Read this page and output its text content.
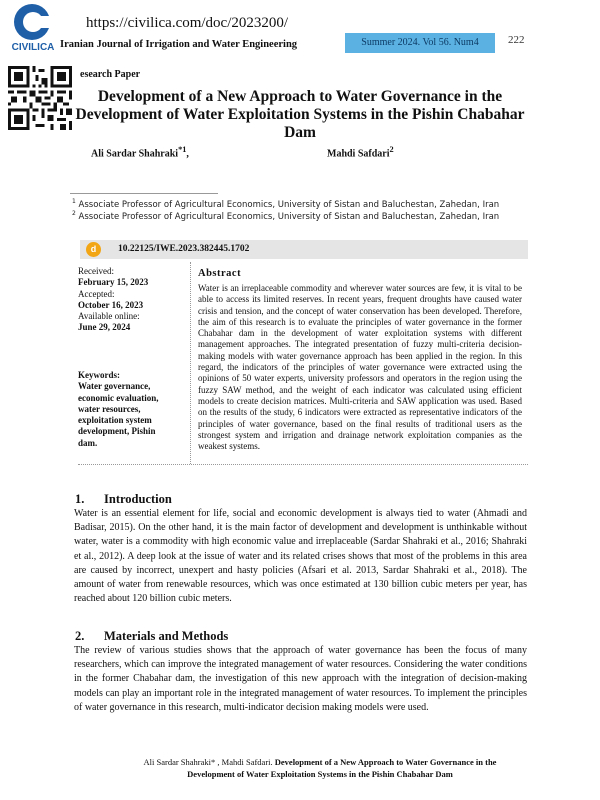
CIVILICA
https://civilica.com/doc/2023200/
Iranian Journal of Irrigation and Water Engineering	Summer 2024. Vol 56. Num4	222
esearch Paper
Development of a New Approach to Water Governance in the Development of Water Exploitation Systems in the Pishin Chabahar Dam
Ali Sardar Shahraki$^{*1}$,	Mahdi Safdari$^2$
$^1$ Associate Professor of Agricultural Economics, University of Sistan and Baluchestan, Zahedan, Iran
$^2$ Associate Professor of Agricultural Economics, University of Sistan and Baluchestan, Zahedan, Iran
d	10.22125/IWE.2023.382445.1702
Received:
February 15, 2023
Accepted:
October 16, 2023
Available online:
June 29, 2024
Keywords:
Water governance,
economic evaluation,
water resources,
exploitation system
development, Pishin
dam.
Abstract
Water is an irreplaceable commodity and wherever water sources are few, it is vital to be able to access its limited reserves. In recent years, frequent droughts have caused water crisis and tension, and the concept of water conservation has been developed. Therefore, the aim of this research is to evaluate the principles of water governance in the former Chabahar dam in the development of water exploitation systems with different management approaches. The integrated presentation of fuzzy multi-criteria decision-making models with water governance approach has been applied in the region. In this regard, the indicators of the principles of water governance were extracted using the opinions of 50 water experts, university professors and operators in the region using the fuzzy SAW method, and the weight of each indicator was calculated using efficient models to create decision matrices. Multi-criteria and SAW application was used. Based on the results of the study, 6 indicators were extracted as representative indicators of the principles of water governance, based on the final results of traditional users as the strongest system and irrigation and drainage network exploitation companies as the weakest systems.
1. Introduction
Water is an essential element for life, social and economic development is always tied to water (Ahmadi and Badisar, 2015). On the other hand, it is the main factor of development and development is unthinkable without water, water is a commodity with high economic value and irreplaceable (Sardar Shahraki et al., 2016; Shahraki et al., 2012). A deep look at the issue of water and its related crises shows that most of the problems in this area are caused by incorrect, unexpert and hasty policies (Afsari et al. 2013, Sardar Shahraki et al., 2018). The amount of water from renewable resources, which was once estimated at 130 billion cubic meters per year, has reached about 120 billion cubic meters.
2. Materials and Methods
The review of various studies shows that the approach of water governance has been the focus of many researchers, which can improve the integrated management of water resources. Considering the water conditions in the former Chabahar dam, the investigation of this new approach with the integration of decision-making models can play an important role in the integrated management of water resources. To implement the principles of water governance in this research, multi-indicator decision making models were used.
Ali Sardar Shahraki* , Mahdi Safdari. Development of a New Approach to Water Governance in the
Development of Water Exploitation Systems in the Pishin Chabahar Dam
